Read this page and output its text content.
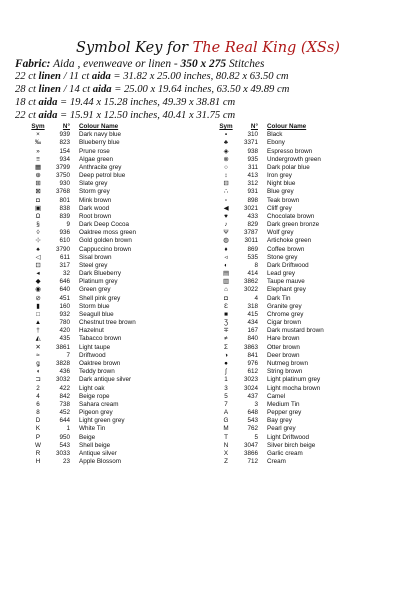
Symbol Key for The Real King (XSs)
Fabric: Aida , evenweave or linen - 350 x 275 Stitches
22 ct linen / 11 ct aida = 31.82 x 25.00 inches, 80.82 x 63.50 cm
28 ct linen / 14 ct aida = 25.00 x 19.64 inches, 63.50 x 49.89 cm
18 ct aida = 19.44 x 15.28 inches, 49.39 x 38.81 cm
22 ct aida = 15.91 x 12.50 inches, 40.41 x 31.75 cm
Sym	N°	Colour Name
×	939	Dark navy blue
‰	823	Blueberry blue
»	154	Prune rose
≡	934	Algae green
▦	3799	Anthracite grey
⊕	3750	Deep petrol blue
⊞	930	Slate grey
⊠	3768	Storm grey
◘	801	Mink brown
▣	838	Dark wood
Ω	839	Root brown
§	9	Dark Deep Cocoa
◊	936	Oaktree moss green
⊹	610	Gold golden brown
♠	3790	Cappuccino brown
◁	611	Sisal brown
⊡	317	Steel grey
◂	32	Dark Blueberry
◆	646	Platinum grey
◉	640	Green grey
⊘	451	Shell pink grey
▮	160	Storm blue
□	932	Seagull blue
▲	780	Chestnut tree brown
†	420	Hazelnut
◭	435	Tabacco brown
✕	3861	Light taupe
≈	7	Driftwood
ǥ	3828	Oaktree brown
◖	436	Teddy brown
⊐	3032	Dark antique silver
2	422	Light oak
4	842	Beige rope
6	738	Sahara cream
8	452	Pigeon grey
D	644	Light green grey
K	1	White Tin
P	950	Beige
W	543	Shell beige
R	3033	Antique silver
H	23	Apple Blossom
Sym	N°	Colour Name
▪	310	Black
♣	3371	Ebony
◈	938	Espresso brown
⊗	935	Undergrowth green
○	311	Dark polar blue
↕	413	Iron grey
⊟	312	Night blue
∴	931	Blue grey
▫	898	Teak brown
◀	3021	Cliff grey
♥	433	Chocolate brown
♪	829	Dark green bronze
Ψ	3787	Wolf grey
◍	3011	Artichoke green
♦	869	Coffee brown
◃	535	Stone grey
◐	8	Dark Driftwood
▤	414	Lead grey
▥	3862	Taupe mauve
⌂	3022	Elephant grey
◘	4	Dark Tin
Ɛ	318	Granite grey
■	415	Chrome grey
Ʒ	434	Cigar brown
∓	167	Dark mustard brown
≠	840	Hare brown
Σ	3863	Otter brown
◑	841	Deer brown
●	976	Nutmeg brown
ʃ	612	String brown
1	3023	Light platinum grey
3	3024	Light mocha brown
5	437	Camel
7	3	Medium Tin
A	648	Pepper grey
G	543	Bay grey
M	762	Pearl grey
T	5	Light Driftwood
N	3047	Silver birch beige
X	3866	Garlic cream
Z	712	Cream
